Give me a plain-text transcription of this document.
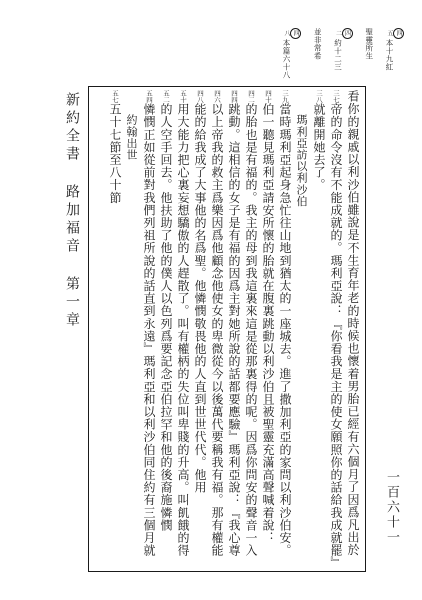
四五本十九紅
聖靈所生
四二約十二三
並非常希
四八本篇六十八
新約全書
路加福音
第一章
一百六十一
看你的親戚以利沙伯雖說是不生育年老的時候也懷着男胎已經有六個月了因爲凡出於
三七帝的命令沒有不能成就的。瑪利亞說：『你看我是主的使女願照你的話給我成就罷』
三八就離開她去了。
瑪利亞訪以利沙伯
三九當時瑪利亞起身急忙往山地到猶太的一座城去。進了撒加利亞的家問以利沙伯安。
四十伯一聽見瑪利亞請安所懷的胎就在腹裏跳動以利沙伯且被聖靈充滿高聲喊着說：
四二的胎也是有福的。我主的母到我這裏來這是從那裏得的呢。因爲你問安的聲音一入
四四跳動。這相信的女子是有福的因爲主對她所說的話都要應驗』瑪利亞說：『我心尊
四六以上帝我的救主爲樂因爲他顧念他使女的卑微從今以後萬代要稱我有福。那有權能
四八能的給我成了大事他的名爲聖。他憐憫敬畏他的人直到世世代代。他用
五十用大能力把心裏妄想驕傲的人趕散了。叫有權柄的失位叫卑賤的升高。叫飢餓的得
五二的人空手回去。他扶助了他的僕人以色列爲要記念亞伯拉罕和他的後裔施憐憫
五四憐憫正如從前對我們列祖所說的話直到永遠』瑪利亞和以利沙伯同住約有三個月就
約翰出世
五七五十七節至八十節
